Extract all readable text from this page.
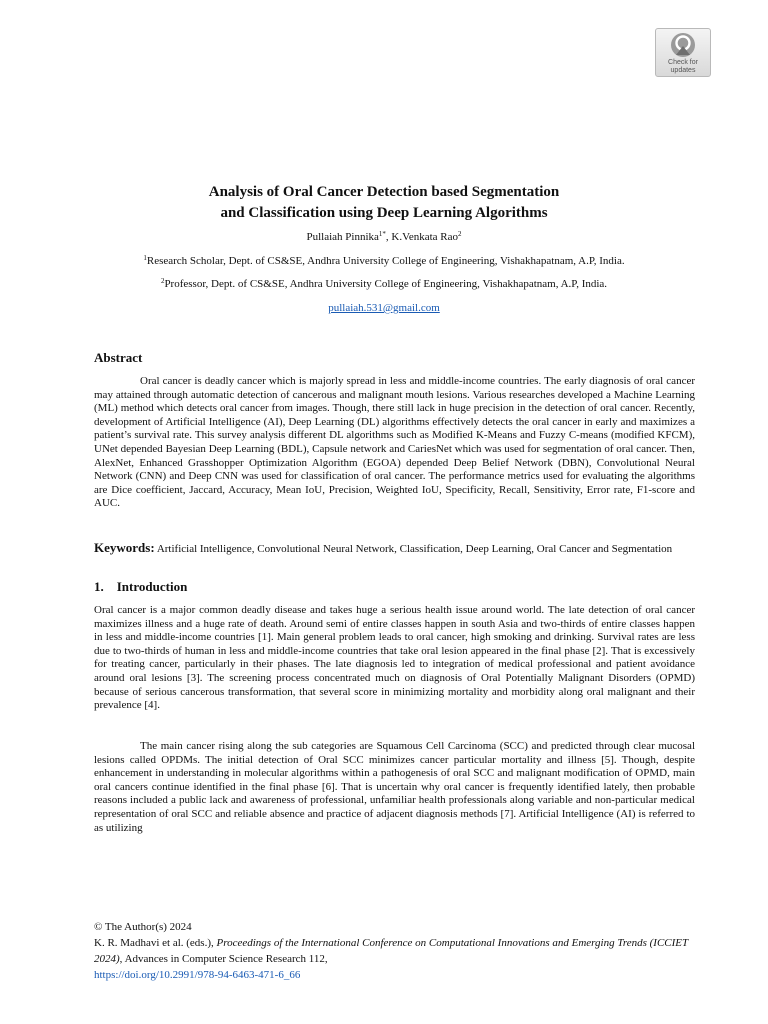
Check for
updates
Analysis of Oral Cancer Detection based Segmentation
and Classification using Deep Learning Algorithms
Pullaiah Pinnika$^{1*}$, K.Venkata Rao$^2$
$^1$Research Scholar, Dept. of CS&SE, Andhra University College of Engineering, Vishakhapatnam, A.P, India.
$^2$Professor, Dept. of CS&SE, Andhra University College of Engineering, Vishakhapatnam, A.P, India.
pullaiah.531@gmail.com
Abstract
Oral cancer is deadly cancer which is majorly spread in less and middle-income countries. The early diagnosis of oral cancer may attained through automatic detection of cancerous and malignant mouth lesions. Various researches developed a Machine Learning (ML) method which detects oral cancer from images. Though, there still lack in huge precision in the detection of oral cancer. Recently, development of Artificial Intelligence (AI), Deep Learning (DL) algorithms effectively detects the oral cancer in early and maximizes a patient’s survival rate. This survey analysis different DL algorithms such as Modified K-Means and Fuzzy C-means (modified KFCM), UNet depended Bayesian Deep Learning (BDL), Capsule network and CariesNet which was used for segmentation of oral cancer. Then, AlexNet, Enhanced Grasshopper Optimization Algorithm (EGOA) depended Deep Belief Network (DBN), Convolutional Neural Network (CNN) and Deep CNN was used for classification of oral cancer. The performance metrics used for evaluating the algorithms are Dice coefficient, Jaccard, Accuracy, Mean IoU, Precision, Weighted IoU, Specificity, Recall, Sensitivity, Error rate, F1-score and AUC.
Keywords: Artificial Intelligence, Convolutional Neural Network, Classification, Deep Learning, Oral Cancer and Segmentation
1.    Introduction
Oral cancer is a major common deadly disease and takes huge a serious health issue around world. The late detection of oral cancer maximizes illness and a huge rate of death. Around semi of entire classes happen in south Asia and two-thirds of entire classes happen in less and middle-income countries [1]. Main general problem leads to oral cancer, high smoking and drinking. Survival rates are less due to two-thirds of human in less and middle-income countries that take oral lesion appeared in the final phase [2]. That is excessively for treating cancer, particularly in their phases. The late diagnosis led to integration of medical professional and patient avoidance around oral lesions [3]. The screening process concentrated much on diagnosis of Oral Potentially Malignant Disorders (OPMD) because of serious cancerous transformation, that several score in minimizing mortality and morbidity along oral malignant and their prevalence [4].
The main cancer rising along the sub categories are Squamous Cell Carcinoma (SCC) and predicted through clear mucosal lesions called OPDMs. The initial detection of Oral SCC minimizes cancer particular mortality and illness [5]. Though, despite enhancement in understanding in molecular algorithms within a pathogenesis of oral SCC and malignant modification of OPMD, main oral cancers continue identified in the final phase [6]. That is uncertain why oral cancer is frequently identified lately, then probable reasons included a public lack and awareness of professional, unfamiliar health professionals along variable and non-particular medical representation of oral SCC and reliable absence and practice of adjacent diagnosis methods [7]. Artificial Intelligence (AI) is referred to as utilizing
© The Author(s) 2024
K. R. Madhavi et al. (eds.), Proceedings of the International Conference on Computational Innovations and Emerging Trends (ICCIET 2024), Advances in Computer Science Research 112,
https://doi.org/10.2991/978-94-6463-471-6_66
